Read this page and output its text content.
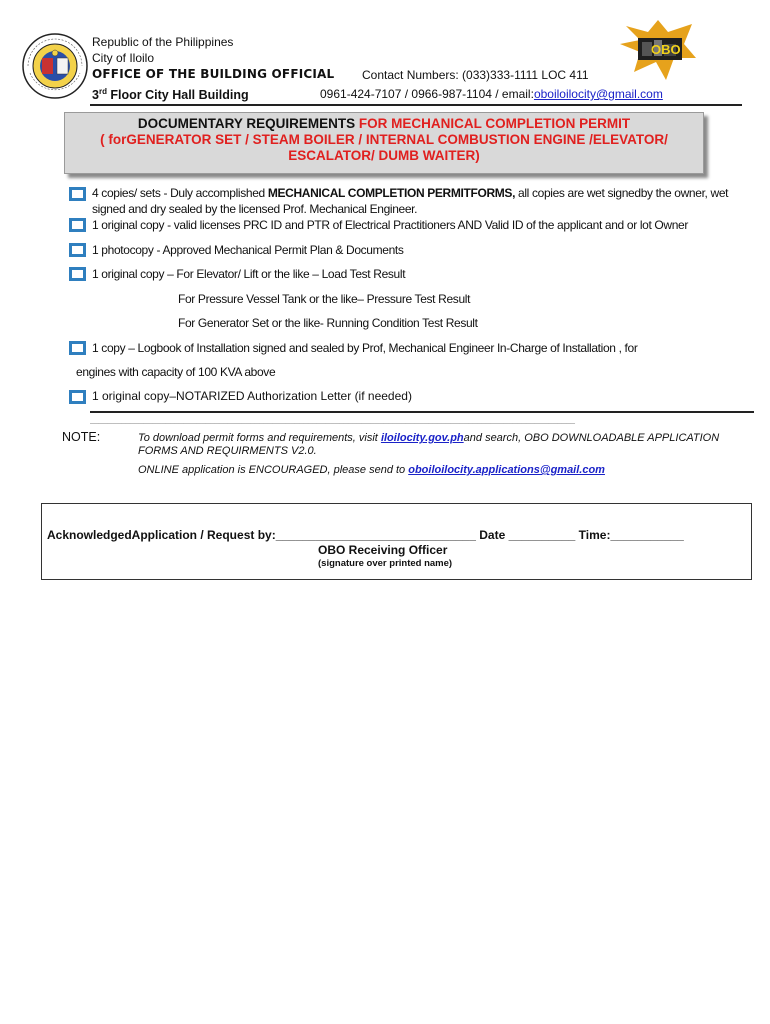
OBO
Republic of the Philippines
City of Iloilo
OFFICE OF THE BUILDING OFFICIAL
3rd Floor City Hall Building
Contact Numbers: (033)333-1111 LOC 411
0961-424-7107 / 0966-987-1104 / email:oboiloilocity@gmail.com
DOCUMENTARY REQUIREMENTS FOR MECHANICAL COMPLETION PERMIT
( forGENERATOR SET / STEAM BOILER / INTERNAL COMBUSTION ENGINE /ELEVATOR/
ESCALATOR/ DUMB WAITER)
4 copies/ sets - Duly accomplished MECHANICAL COMPLETION PERMITFORMS, all copies are wet signedby the owner, wet
signed and dry sealed by the licensed Prof. Mechanical Engineer.
1 original copy - valid licenses PRC ID and PTR of Electrical Practitioners AND Valid ID of the applicant and or lot Owner
1 photocopy - Approved Mechanical Permit Plan & Documents
1 original copy – For Elevator/ Lift or the like – Load Test Result
For Pressure Vessel Tank or the like– Pressure Test Result
For Generator Set or the like- Running Condition Test Result
1 copy – Logbook of Installation signed and sealed by Prof, Mechanical Engineer In-Charge of Installation , for
engines with capacity of 100 KVA above
1 original copy–NOTARIZED Authorization Letter (if needed)
_____________________________________________________________________________________________________________
NOTE:	To download permit forms and requirements, visit iloilocity.gov.phand search, OBO DOWNLOADABLE APPLICATION
FORMS AND REQUIRMENTS V2.0.
ONLINE application is ENCOURAGED, please send to oboiloilocity.applications@gmail.com
AcknowledgedApplication / Request by:______________________________ Date __________ Time:___________
OBO Receiving Officer
(signature over printed name)
